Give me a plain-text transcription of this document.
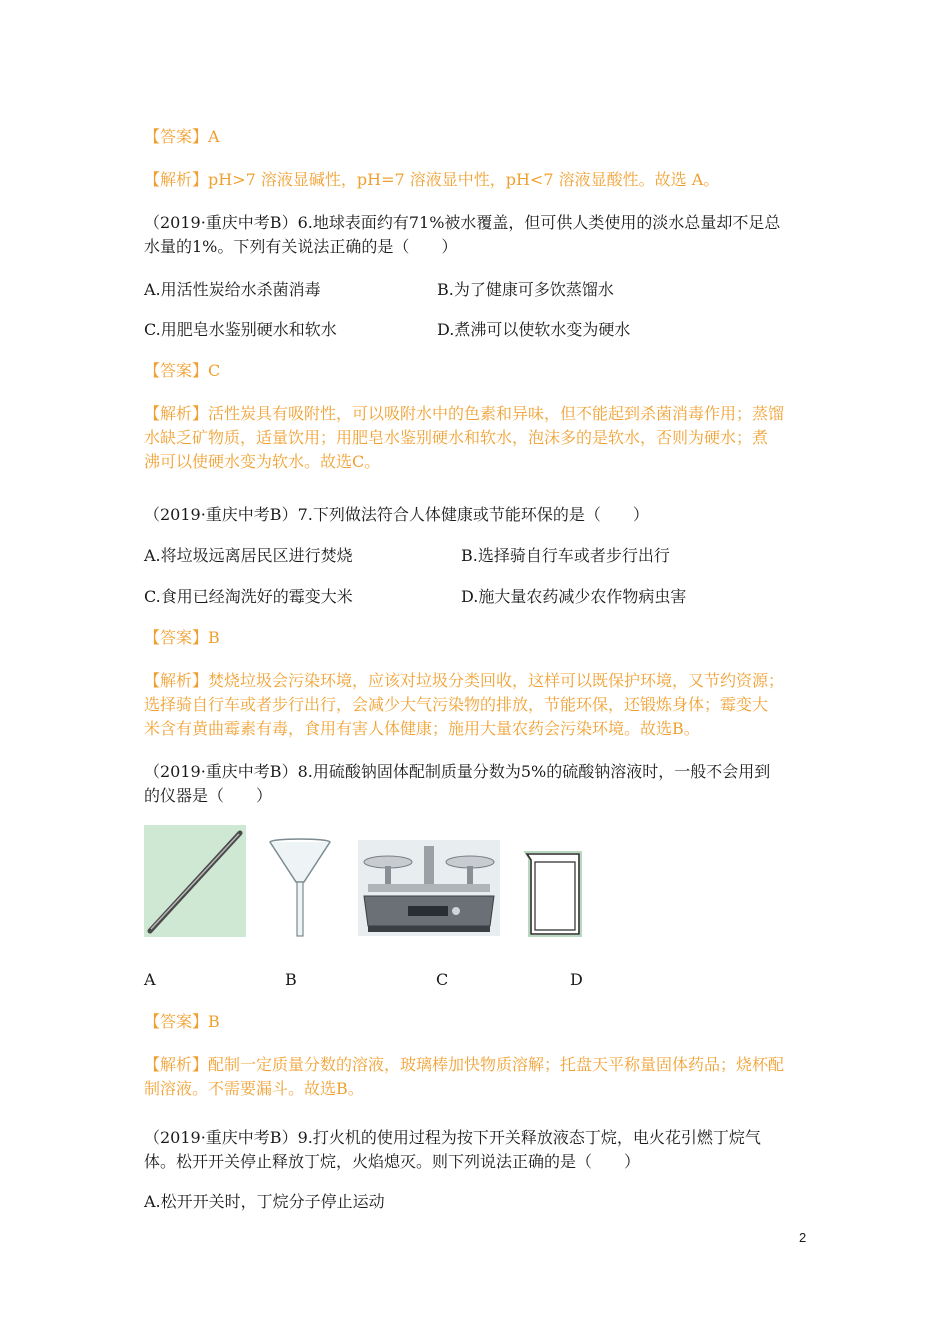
【答案】A
【解析】pH>7 溶液显碱性，pH=7 溶液显中性，pH<7 溶液显酸性。故选 A。
（2019·重庆中考B）6.地球表面约有71%被水覆盖，但可供人类使用的淡水总量却不足总
水量的1%。下列有关说法正确的是（　　）
A.用活性炭给水杀菌消毒	B.为了健康可多饮蒸馏水
C.用肥皂水鉴别硬水和软水	D.煮沸可以使软水变为硬水
【答案】C
【解析】活性炭具有吸附性，可以吸附水中的色素和异味，但不能起到杀菌消毒作用；蒸馏
水缺乏矿物质，适量饮用；用肥皂水鉴别硬水和软水，泡沫多的是软水，否则为硬水；煮
沸可以使硬水变为软水。故选C。
（2019·重庆中考B）7.下列做法符合人体健康或节能环保的是（　　）
A.将垃圾远离居民区进行焚烧	B.选择骑自行车或者步行出行
C.食用已经淘洗好的霉变大米	D.施大量农药减少农作物病虫害
【答案】B
【解析】焚烧垃圾会污染环境，应该对垃圾分类回收，这样可以既保护环境，又节约资源；
选择骑自行车或者步行出行，会减少大气污染物的排放，节能环保，还锻炼身体；霉变大
米含有黄曲霉素有毒，食用有害人体健康；施用大量农药会污染环境。故选B。
（2019·重庆中考B）8.用硫酸钠固体配制质量分数为5%的硫酸钠溶液时，一般不会用到
的仪器是（　　）
A	B	C	D
【答案】B
【解析】配制一定质量分数的溶液，玻璃棒加快物质溶解；托盘天平称量固体药品；烧杯配
制溶液。不需要漏斗。故选B。
（2019·重庆中考B）9.打火机的使用过程为按下开关释放液态丁烷，电火花引燃丁烷气
体。松开开关停止释放丁烷，火焰熄灭。则下列说法正确的是（　　）
A.松开开关时，丁烷分子停止运动
2
